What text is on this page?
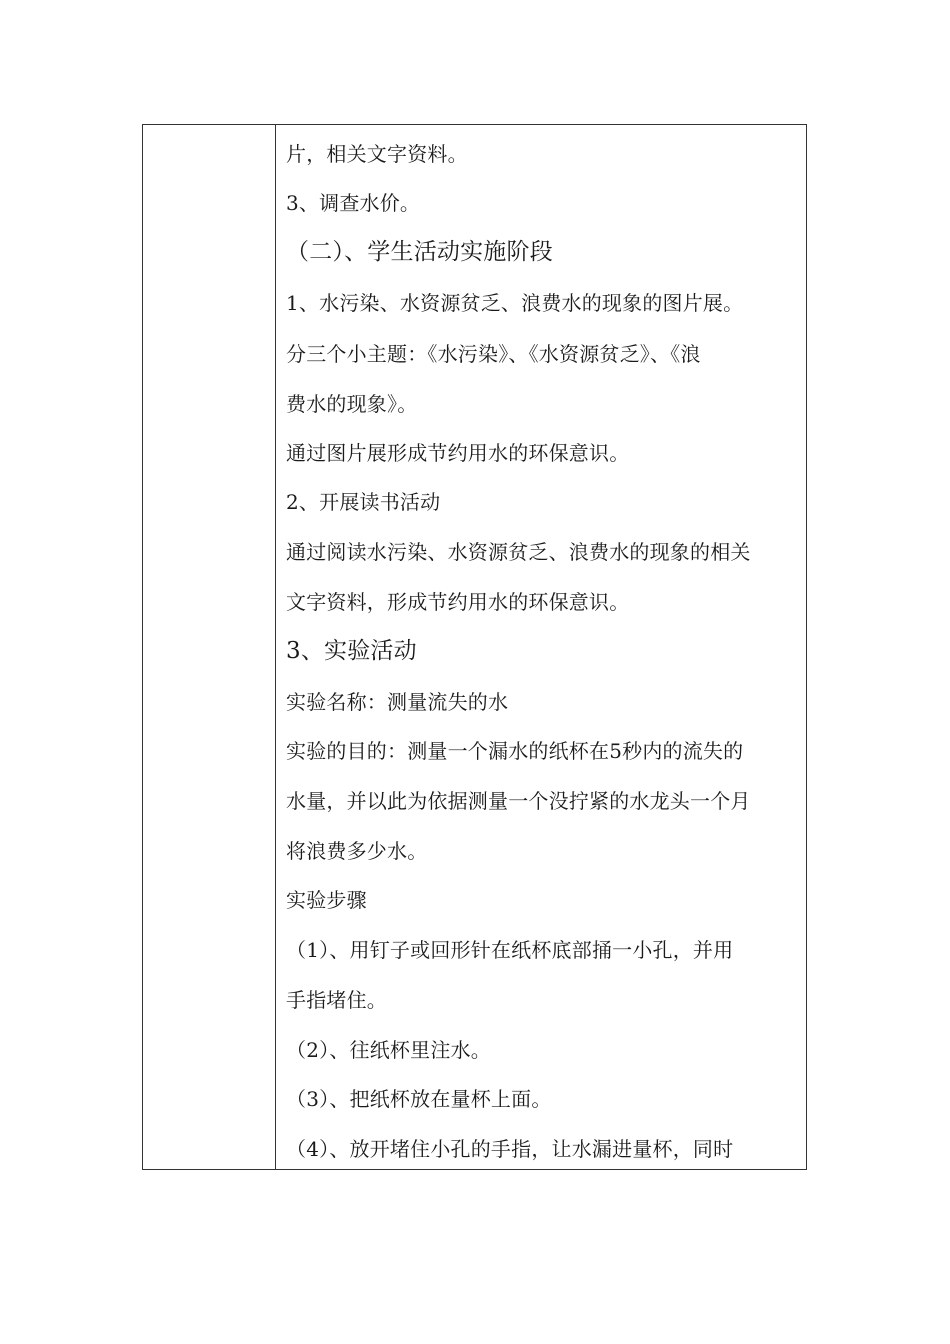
片，相关文字资料。
3、调查水价。
（二）、学生活动实施阶段
1、水污染、水资源贫乏、浪费水的现象的图片展。
分三个小主题：《水污染》、《水资源贫乏》、《浪
费水的现象》。
通过图片展形成节约用水的环保意识。
2、开展读书活动
通过阅读水污染、水资源贫乏、浪费水的现象的相关
文字资料，形成节约用水的环保意识。
3、实验活动
实验名称：测量流失的水
实验的目的：测量一个漏水的纸杯在5秒内的流失的
水量，并以此为依据测量一个没拧紧的水龙头一个月
将浪费多少水。
实验步骤
（1）、用钉子或回形针在纸杯底部捅一小孔，并用
手指堵住。
（2）、往纸杯里注水。
（3）、把纸杯放在量杯上面。
（4）、放开堵住小孔的手指，让水漏进量杯，同时
